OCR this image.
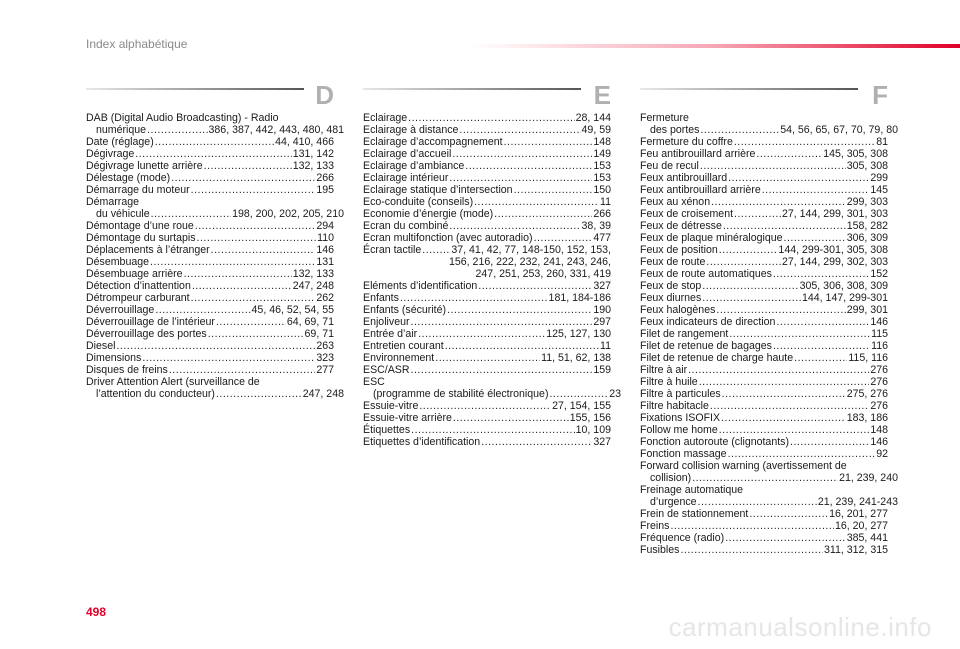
Index alphabétique
D
DAB (Digital Audio Broadcasting) - Radio
numérique .....	386, 387, 442, 443, 480, 481
Date (réglage) .....	44, 410, 466
Dégivrage .....	131, 142
Dégivrage lunette arrière .....	132, 133
Délestage (mode) .....	266
Démarrage du moteur .....	195
Démarrage
du véhicule .....	198, 200, 202, 205, 210
Démontage d’une roue .....	294
Démontage du surtapis .....	110
Déplacements à l’étranger .....	146
Désembuage .....	131
Désembuage arrière .....	132, 133
Détection d’inattention .....	247, 248
Détrompeur carburant .....	262
Déverrouillage .....	45, 46, 52, 54, 55
Déverrouillage de l’intérieur .....	64, 69, 71
Déverrouillage des portes .....	69, 71
Diesel .....	263
Dimensions .....	323
Disques de freins .....	277
Driver Attention Alert (surveillance de
l’attention du conducteur) .....	247, 248
E
Eclairage .....	28, 144
Eclairage à distance .....	49, 59
Eclairage d’accompagnement .....	148
Eclairage d’accueil .....	149
Eclairage d’ambiance .....	153
Eclairage intérieur .....	153
Eclairage statique d’intersection .....	150
Eco-conduite (conseils) .....	11
Economie d’énergie (mode) .....	266
Ecran du combiné .....	38, 39
Ecran multifonction (avec autoradio) .....	477
Écran tactile .....	37, 41, 42, 77, 148-150, 152, 153,
156, 216, 222, 232, 241, 243, 246,
247, 251, 253, 260, 331, 419
Eléments d’identification .....	327
Enfants .....	181, 184-186
Enfants (sécurité) .....	190
Enjoliveur .....	297
Entrée d’air .....	125, 127, 130
Entretien courant .....	11
Environnement .....	11, 51, 62, 138
ESC/ASR .....	159
ESC
(programme de stabilité électronique) .....	23
Essuie-vitre .....	27, 154, 155
Essuie-vitre arrière .....	155, 156
Étiquettes .....	10, 109
Etiquettes d’identification .....	327
F
Fermeture
des portes .....	54, 56, 65, 67, 70, 79, 80
Fermeture du coffre .....	81
Feu antibrouillard arrière .....	145, 305, 308
Feu de recul .....	305, 308
Feux antibrouillard .....	299
Feux antibrouillard arrière .....	145
Feux au xénon .....	299, 303
Feux de croisement .....	27, 144, 299, 301, 303
Feux de détresse .....	158, 282
Feux de plaque minéralogique .....	306, 309
Feux de position .....	144, 299-301, 305, 308
Feux de route .....	27, 144, 299, 302, 303
Feux de route automatiques .....	152
Feux de stop .....	305, 306, 308, 309
Feux diurnes .....	144, 147, 299-301
Feux halogènes .....	299, 301
Feux indicateurs de direction .....	146
Filet de rangement .....	115
Filet de retenue de bagages .....	116
Filet de retenue de charge haute .....	115, 116
Filtre à air .....	276
Filtre à huile .....	276
Filtre à particules .....	275, 276
Filtre habitacle .....	276
Fixations ISOFIX .....	183, 186
Follow me home .....	148
Fonction autoroute (clignotants) .....	146
Fonction massage .....	92
Forward collision warning (avertissement de
collision) .....	21, 239, 240
Freinage automatique
d’urgence .....	21, 239, 241-243
Frein de stationnement .....	16, 201, 277
Freins .....	16, 20, 277
Fréquence (radio) .....	385, 441
Fusibles .....	311, 312, 315
498	carmanualsonline.info
